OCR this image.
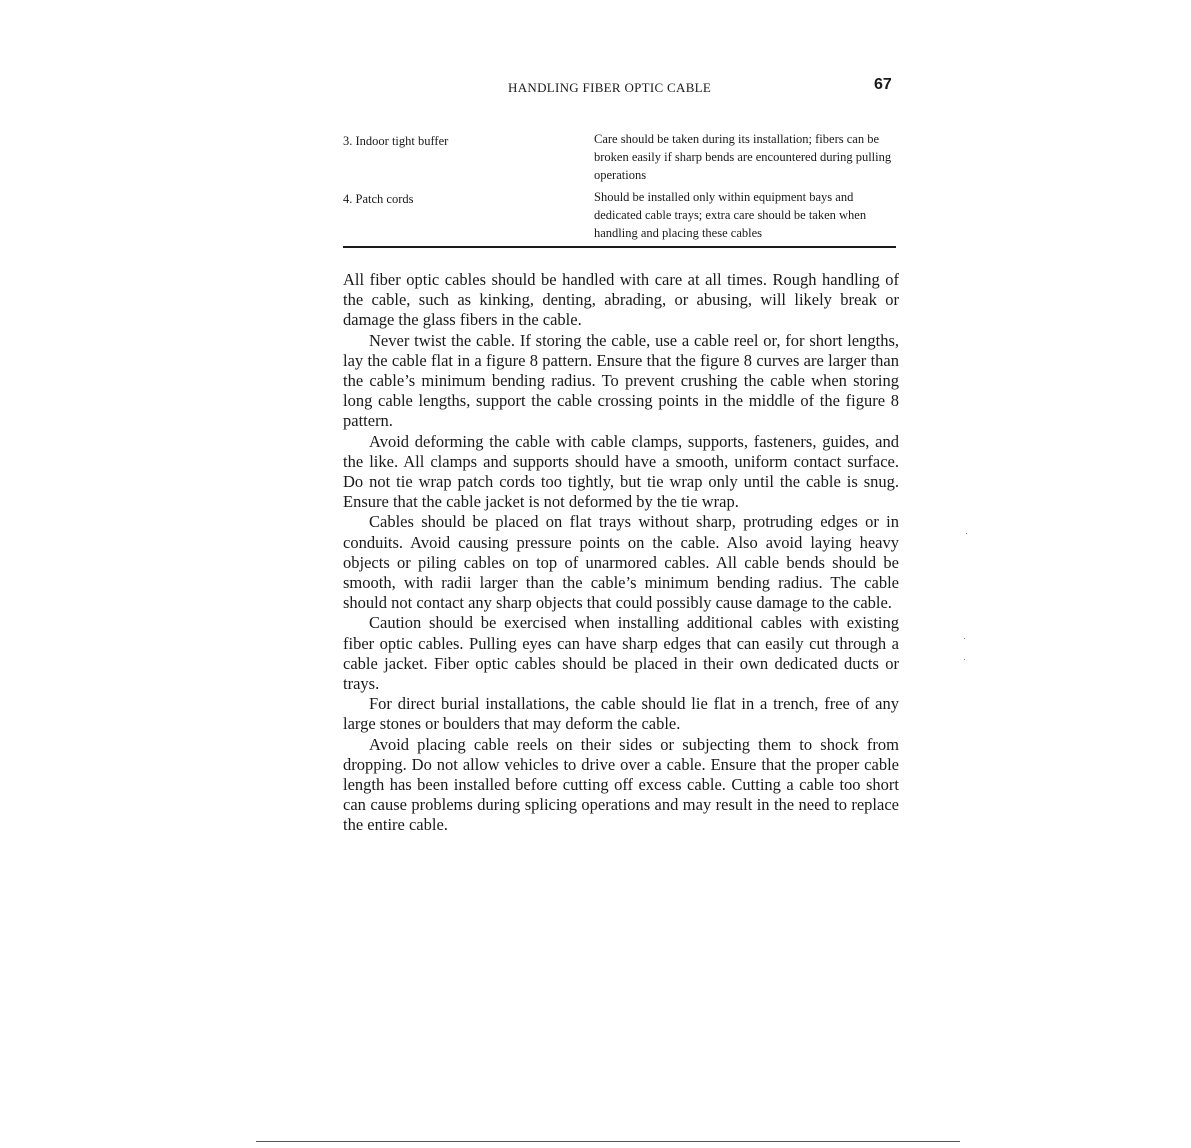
HANDLING FIBER OPTIC CABLE	67
3. Indoor tight buffer	Care should be taken during its installation; fibers can be broken easily if sharp bends are encountered during pulling operations
4. Patch cords	Should be installed only within equipment bays and dedicated cable trays; extra care should be taken when handling and placing these cables

All fiber optic cables should be handled with care at all times. Rough handling of the cable, such as kinking, denting, abrading, or abusing, will likely break or damage the glass fibers in the cable.

Never twist the cable. If storing the cable, use a cable reel or, for short lengths, lay the cable flat in a figure 8 pattern. Ensure that the figure 8 curves are larger than the cable’s minimum bending radius. To prevent crushing the cable when storing long cable lengths, support the cable crossing points in the middle of the figure 8 pattern.

Avoid deforming the cable with cable clamps, supports, fasteners, guides, and the like. All clamps and supports should have a smooth, uniform contact surface. Do not tie wrap patch cords too tightly, but tie wrap only until the cable is snug. Ensure that the cable jacket is not deformed by the tie wrap.

Cables should be placed on flat trays without sharp, protruding edges or in conduits. Avoid causing pressure points on the cable. Also avoid laying heavy objects or piling cables on top of unarmored cables. All cable bends should be smooth, with radii larger than the cable’s minimum bending radius. The cable should not contact any sharp objects that could possibly cause damage to the cable.

Caution should be exercised when installing additional cables with existing fiber optic cables. Pulling eyes can have sharp edges that can easily cut through a cable jacket. Fiber optic cables should be placed in their own dedicated ducts or trays.

For direct burial installations, the cable should lie flat in a trench, free of any large stones or boulders that may deform the cable.

Avoid placing cable reels on their sides or subjecting them to shock from dropping. Do not allow vehicles to drive over a cable. Ensure that the proper cable length has been installed before cutting off excess cable. Cutting a cable too short can cause problems during splicing operations and may result in the need to replace the entire cable.
